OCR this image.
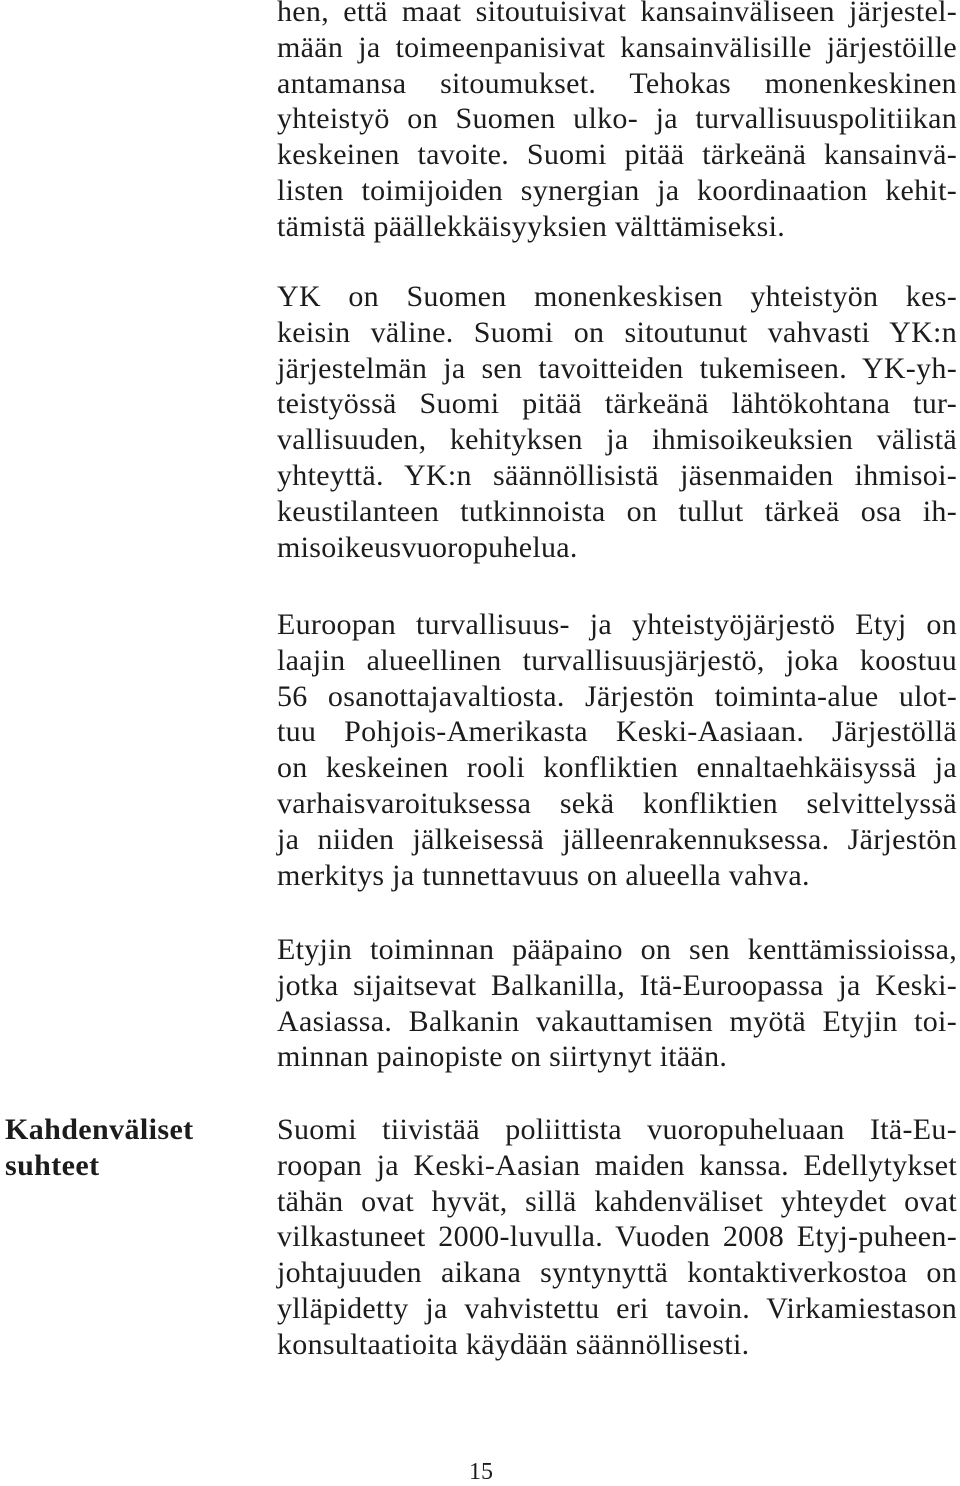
hen, että maat sitoutuisivat kansainväliseen järjestel-
mään ja toimeenpanisivat kansainvälisille järjestöille
antamansa sitoumukset. Tehokas monenkeskinen
yhteistyö on Suomen ulko- ja turvallisuuspolitiikan
keskeinen tavoite. Suomi pitää tärkeänä kansainvä-
listen toimijoiden synergian ja koordinaation kehit-
tämistä päällekkäisyyksien välttämiseksi.
YK on Suomen monenkeskisen yhteistyön kes-
keisin väline. Suomi on sitoutunut vahvasti YK:n
järjestelmän ja sen tavoitteiden tukemiseen. YK-yh-
teistyössä Suomi pitää tärkeänä lähtökohtana tur-
vallisuuden, kehityksen ja ihmisoikeuksien välistä
yhteyttä. YK:n säännöllisistä jäsenmaiden ihmisoi-
keustilanteen tutkinnoista on tullut tärkeä osa ih-
misoikeusvuoropuhelua.
Euroopan turvallisuus- ja yhteistyöjärjestö Etyj on
laajin alueellinen turvallisuusjärjestö, joka koostuu
56 osanottajavaltiosta. Järjestön toiminta-alue ulot-
tuu Pohjois-Amerikasta Keski-Aasiaan. Järjestöllä
on keskeinen rooli konfliktien ennaltaehkäisyssä ja
varhaisvaroituksessa sekä konfliktien selvittelyssä
ja niiden jälkeisessä jälleenrakennuksessa. Järjestön
merkitys ja tunnettavuus on alueella vahva.
Etyjin toiminnan pääpaino on sen kenttämissioissa,
jotka sijaitsevat Balkanilla, Itä-Euroopassa ja Keski-
Aasiassa. Balkanin vakauttamisen myötä Etyjin toi-
minnan painopiste on siirtynyt itään.
Kahdenväliset
suhteet
Suomi tiivistää poliittista vuoropuheluaan Itä-Eu-
roopan ja Keski-Aasian maiden kanssa. Edellytykset
tähän ovat hyvät, sillä kahdenväliset yhteydet ovat
vilkastuneet 2000-luvulla. Vuoden 2008 Etyj-puheen-
johtajuuden aikana syntynyttä kontaktiverkostoa on
ylläpidetty ja vahvistettu eri tavoin. Virkamiestason
konsultaatioita käydään säännöllisesti.
15
